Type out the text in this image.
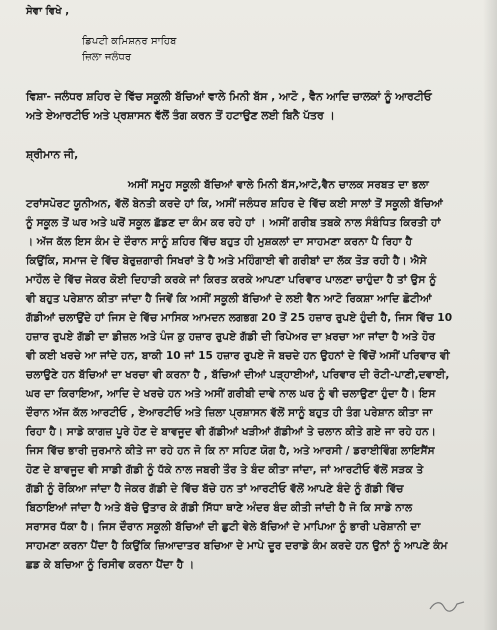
ਸੇਵਾ ਵਿਖੇ ,
ਡਿਪਟੀ ਕਮਿਸ਼ਨਰ ਸਾਹਿਬ
ਜ਼ਿਲਾ ਜਲੰਧਰ
ਵਿਸ਼ਾ- ਜਲੰਧਰ ਸ਼ਹਿਰ ਦੇ ਵਿੱਚ ਸਕੂਲੀ ਬੱਚਿਆਂ ਵਾਲੇ ਮਿਨੀ ਬੱਸ , ਆਟੋ , ਵੈਨ ਆਦਿ ਚਾਲਕਾਂ ਨੂੰ ਆਰਟੀਓ
ਅਤੇ ਏਆਰਟੀਓ ਅਤੇ ਪ੍ਰਸ਼ਾਸਨ ਵੱਲੋਂ ਤੰਗ ਕਰਨ ਤੋਂ ਹਟਾਉਣ ਲਈ ਬਿਨੈ ਪੱਤਰ ।
ਸ਼੍ਰੀਮਾਨ ਜੀ,
ਅਸੀਂ ਸਮੂਹ ਸਕੂਲੀ ਬੱਚਿਆਂ ਵਾਲੇ ਮਿਨੀ ਬੱਸ,ਆਟੋ,ਵੈਨ ਚਾਲਕ ਸਰਬਤ ਦਾ ਭਲਾ
ਟਰਾਂਸਪੋਰਟ ਯੂਨੀਅਨ, ਵੱਲੋਂ ਬੇਨਤੀ ਕਰਦੇ ਹਾਂ ਕਿ, ਅਸੀਂ ਜਲੰਧਰ ਸ਼ਹਿਰ ਦੇ ਵਿੱਚ ਕਈ ਸਾਲਾਂ ਤੋਂ ਸਕੂਲੀ ਬੱਚਿਆਂ
ਨੂੰ ਸਕੂਲ ਤੋਂ ਘਰ ਅਤੇ ਘਰੋਂ ਸਕੂਲ ਛੱਡਣ ਦਾ ਕੰਮ ਕਰ ਰਹੇ ਹਾਂ । ਅਸੀਂ ਗਰੀਬ ਤਬਕੇ ਨਾਲ ਸੰਬੰਧਿਤ ਕਿਰਤੀ ਹਾਂ
। ਅੱਜ ਕੱਲ ਇਸ ਕੰਮ ਦੇ ਦੌਰਾਨ ਸਾਨੂੰ ਸ਼ਹਿਰ ਵਿੱਚ ਬਹੁਤ ਹੀ ਮੁਸ਼ਕਲਾਂ ਦਾ ਸਾਹਮਣਾ ਕਰਨਾ ਪੈ ਰਿਹਾ ਹੈ
ਕਿਉਂਕਿ, ਸਮਾਜ ਦੇ ਵਿੱਚ ਬੇਰੁਜ਼ਗਾਰੀ ਸਿਖਰਾਂ ਤੇ ਹੈ ਅਤੇ ਮਹਿੰਗਾਈ ਵੀ ਗਰੀਬਾਂ ਦਾ ਲੱਕ ਤੋੜ ਰਹੀ ਹੈ। ਐਸੇ
ਮਾਹੌਲ ਦੇ ਵਿੱਚ ਜੇਕਰ ਕੋਈ ਦਿਹਾੜੀ ਕਰਕੇ ਜਾਂ ਕਿਰਤ ਕਰਕੇ ਆਪਣਾ ਪਰਿਵਾਰ ਪਾਲਣਾ ਚਾਹੁੰਦਾ ਹੈ ਤਾਂ ਉਸ ਨੂੰ
ਵੀ ਬਹੁਤ ਪਰੇਸ਼ਾਨ ਕੀਤਾ ਜਾਂਦਾ ਹੈ ਜਿਵੇਂ ਕਿ ਅਸੀਂ ਸਕੂਲੀ ਬੱਚਿਆਂ ਦੇ ਲਈ ਵੈਨ ਆਟੋ ਰਿਕਸ਼ਾ ਆਦਿ ਛੋਟੀਆਂ
ਗੱਡੀਆਂ ਚਲਾਉਂਦੇ ਹਾਂ ਜਿਸ ਦੇ ਵਿੱਚ ਮਾਸਿਕ ਆਮਦਨ ਲਗਭਗ 20 ਤੋਂ 25 ਹਜ਼ਾਰ ਰੁਪਏ ਹੁੰਦੀ ਹੈ, ਜਿਸ ਵਿੱਚ 10
ਹਜ਼ਾਰ ਰੁਪਏ ਗੱਡੀ ਦਾ ਡੀਜ਼ਲ ਅਤੇ ਪੰਜ ਕੁ ਹਜ਼ਾਰ ਰੁਪਏ ਗੱਡੀ ਦੀ ਰਿਪੇਅਰ ਦਾ ਖ਼ਰਚਾ ਆ ਜਾਂਦਾ ਹੈ ਅਤੇ ਹੋਰ
ਵੀ ਕਈ ਖਰਚੇ ਆ ਜਾਂਦੇ ਹਨ, ਬਾਕੀ 10 ਜਾਂ 15 ਹਜ਼ਾਰ ਰੁਪਏ ਜੋ ਬਚਦੇ ਹਨ ਉਹਨਾਂ ਦੇ ਵਿੱਚੋਂ ਅਸੀਂ ਪਰਿਵਾਰ ਵੀ
ਚਲਾਉਣੇ ਹਨ ਬੱਚਿਆਂ ਦਾ ਖਰਚਾ ਵੀ ਕਰਨਾ ਹੈ , ਬੱਚਿਆਂ ਦੀਆਂ ਪੜ੍ਹਾਈਆਂ, ਪਰਿਵਾਰ ਦੀ ਰੋਟੀ-ਪਾਣੀ,ਦਵਾਈ,
ਘਰ ਦਾ ਕਿਰਾਇਆ, ਆਦਿ ਦੇ ਖਰਚੇ ਹਨ ਅਤੇ ਅਸੀਂ ਗਰੀਬੀ ਦਾਵੇ ਨਾਲ ਘਰ ਨੂੰ ਵੀ ਚਲਾਉਣਾ ਹੁੰਦਾ ਹੈ। ਇਸ
ਦੌਰਾਨ ਅੱਜ ਕੱਲ ਆਰਟੀਓ , ਏਆਰਟੀਓ ਅਤੇ ਜ਼ਿਲਾ ਪ੍ਰਸ਼ਾਸਨ ਵੱਲੋਂ ਸਾਨੂੰ ਬਹੁਤ ਹੀ ਤੰਗ ਪਰੇਸ਼ਾਨ ਕੀਤਾ ਜਾ
ਰਿਹਾ ਹੈ। ਸਾਡੇ ਕਾਗਜ਼ ਪੂਰੇ ਹੋਣ ਦੇ ਬਾਵਜੂਦ ਵੀ ਗੱਡੀਆਂ ਖੜੀਆਂ ਗੱਡੀਆਂ ਤੇ ਚਲਾਨ ਕੀਤੇ ਗਏ ਜਾ ਰਹੇ ਹਨ।
ਜਿਸ ਵਿੱਚ ਭਾਰੀ ਜੁਰਮਾਨੇ ਕੀਤੇ ਜਾ ਰਹੇ ਹਨ ਜੋ ਕਿ ਨਾ ਸਹਿਣ ਯੋਗ ਹੈ, ਅਤੇ ਆਰਸੀ / ਡਰਾਈਵਿੰਗ ਲਾਇਸੈਂਸ
ਹੋਣ ਦੇ ਬਾਵਜੂਦ ਵੀ ਸਾਡੀ ਗੱਡੀ ਨੂੰ ਧੱਕੇ ਨਾਲ ਜਬਰੀ ਤੌਰ ਤੇ ਬੰਦ ਕੀਤਾ ਜਾਂਦਾ, ਜਾਂ ਆਰਟੀਓ ਵੱਲੋਂ ਸੜਕ ਤੇ
ਗੱਡੀ ਨੂੰ ਰੋਕਿਆ ਜਾਂਦਾ ਹੈ ਜੇਕਰ ਗੱਡੀ ਦੇ ਵਿੱਚ ਬੱਚੇ ਹਨ ਤਾਂ ਆਰਟੀਓ ਵੱਲੋਂ ਆਪਣੇ ਬੰਦੇ ਨੂੰ ਗੱਡੀ ਵਿੱਚ
ਬਿਠਾਇਆਂ ਜਾਂਦਾ ਹੈ ਅਤੇ ਬੱਚੇ ਉਤਾਰ ਕੇ ਗੱਡੀ ਸਿੱਧਾ ਥਾਣੇ ਅੰਦਰ ਬੰਦ ਕੀਤੀ ਜਾਂਦੀ ਹੈ ਜੋ ਕਿ ਸਾਡੇ ਨਾਲ
ਸਰਾਸਰ ਧੱਕਾ ਹੈ। ਜਿਸ ਦੌਰਾਨ ਸਕੂਲੀ ਬੱਚਿਆਂ ਦੀ ਛੁਟੀ ਵੇਲੇ ਬੱਚਿਆਂ ਦੇ ਮਾਪਿਆ ਨੂੰ ਭਾਰੀ ਪਰੇਸ਼ਾਨੀ ਦਾ
ਸਾਹਮਣਾ ਕਰਨਾ ਪੈਂਦਾ ਹੈ ਕਿਉਂਕਿ ਜ਼ਿਆਦਾਤਰ ਬਚਿਆ ਦੇ ਮਾਪੇ ਦੂਰ ਦਰਾਡੇ ਕੰਮ ਕਰਦੇ ਹਨ ਉਨਾਂ ਨੂੰ ਆਪਣੇ ਕੰਮ
ਛਡ ਕੇ ਬਚਿਆ ਨੂੰ ਰਿਸੀਵ ਕਰਨਾ ਪੈਂਦਾ ਹੈ ।
